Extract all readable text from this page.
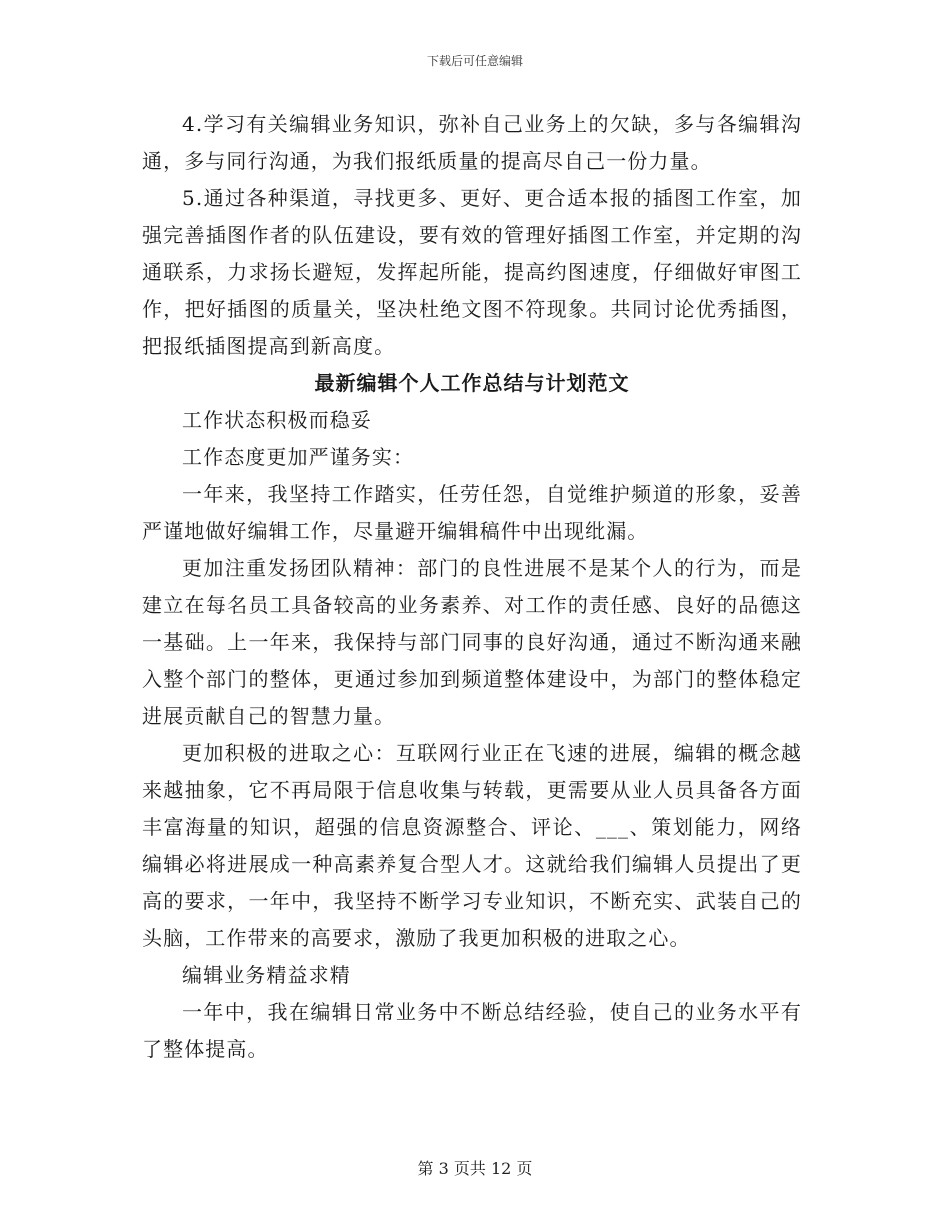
下载后可任意编辑

4.学习有关编辑业务知识，弥补自己业务上的欠缺，多与各编辑沟通，多与同行沟通，为我们报纸质量的提高尽自己一份力量。

5.通过各种渠道，寻找更多、更好、更合适本报的插图工作室，加强完善插图作者的队伍建设，要有效的管理好插图工作室，并定期的沟通联系，力求扬长避短，发挥起所能，提高约图速度，仔细做好审图工作，把好插图的质量关，坚决杜绝文图不符现象。共同讨论优秀插图，把报纸插图提高到新高度。

最新编辑个人工作总结与计划范文

工作状态积极而稳妥

工作态度更加严谨务实：

一年来，我坚持工作踏实，任劳任怨，自觉维护频道的形象，妥善严谨地做好编辑工作，尽量避开编辑稿件中出现纰漏。

更加注重发扬团队精神：部门的良性进展不是某个人的行为，而是建立在每名员工具备较高的业务素养、对工作的责任感、良好的品德这一基础。上一年来，我保持与部门同事的良好沟通，通过不断沟通来融入整个部门的整体，更通过参加到频道整体建设中，为部门的整体稳定进展贡献自己的智慧力量。

更加积极的进取之心：互联网行业正在飞速的进展，编辑的概念越来越抽象，它不再局限于信息收集与转载，更需要从业人员具备各方面丰富海量的知识，超强的信息资源整合、评论、___、策划能力，网络编辑必将进展成一种高素养复合型人才。这就给我们编辑人员提出了更高的要求，一年中，我坚持不断学习专业知识，不断充实、武装自己的头脑，工作带来的高要求，激励了我更加积极的进取之心。

编辑业务精益求精

一年中，我在编辑日常业务中不断总结经验，使自己的业务水平有了整体提高。

第 3 页共 12 页
